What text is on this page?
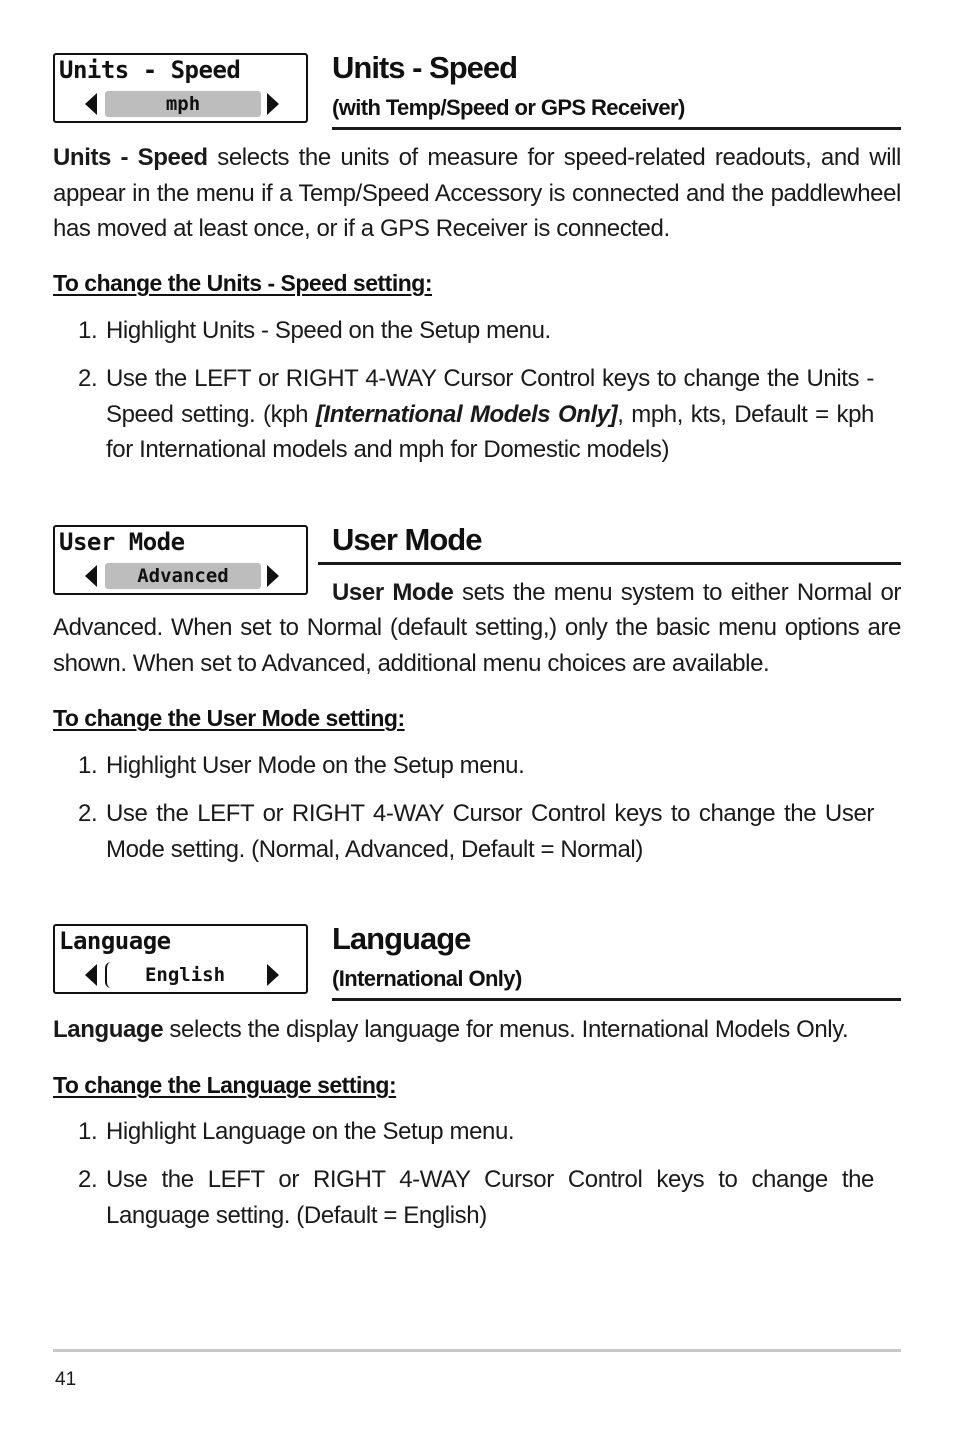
Units - Speed
mph
Units - Speed
(with Temp/Speed or GPS Receiver)

Units - Speed selects the units of measure for speed-related readouts, and will appear in the menu if a Temp/Speed Accessory is connected and the paddlewheel has moved at least once, or if a GPS Receiver is connected.

To change the Units - Speed setting:
1. Highlight Units - Speed on the Setup menu.
2. Use the LEFT or RIGHT 4-WAY Cursor Control keys to change the Units - Speed setting. (kph [International Models Only], mph, kts, Default = kph for International models and mph for Domestic models)
User Mode
Advanced
User Mode
User Mode sets the menu system to either Normal or

Advanced. When set to Normal (default setting,) only the basic menu options are shown. When set to Advanced, additional menu choices are available.

To change the User Mode setting:
1. Highlight User Mode on the Setup menu.
2. Use the LEFT or RIGHT 4-WAY Cursor Control keys to change the User Mode setting. (Normal, Advanced, Default = Normal)
Language
English
Language
(International Only)

Language selects the display language for menus. International Models Only.

To change the Language setting:
1. Highlight Language on the Setup menu.
2. Use the LEFT or RIGHT 4-WAY Cursor Control keys to change the Language setting. (Default = English)
41
